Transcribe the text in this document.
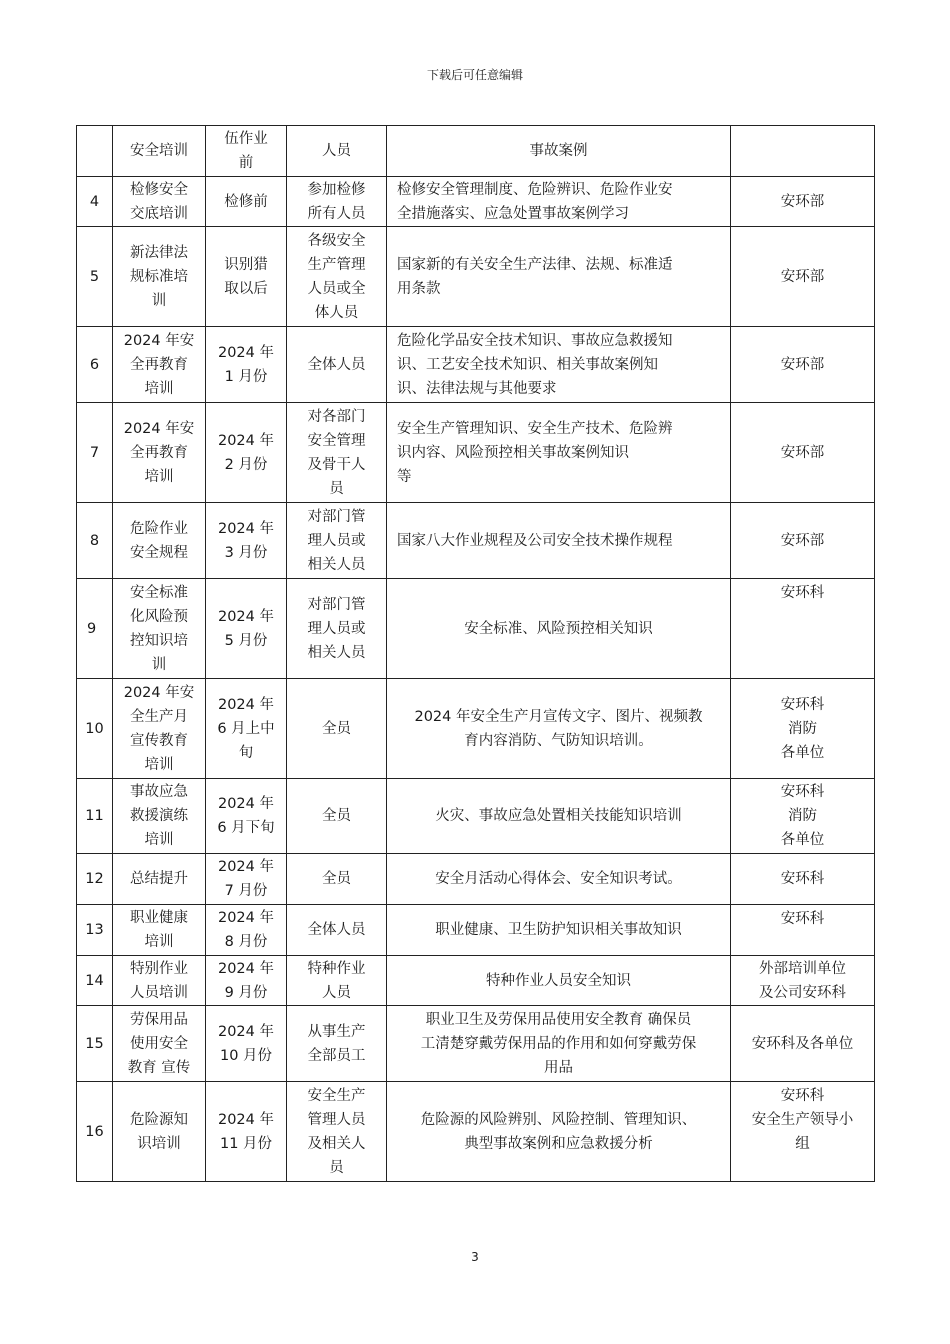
下载后可任意编辑
	安全培训	伍作业
前	人员	事故案例	
4	检修安全
交底培训	检修前	参加检修
所有人员	检修安全管理制度、危险辨识、危险作业安
全措施落实、应急处置事故案例学习	安环部
5	新法律法
规标准培
训	识别猎
取以后	各级安全
生产管理
人员或全
体人员	国家新的有关安全生产法律、法规、标准适
用条款	安环部
6	2024 年安
全再教育
培训	2024 年
1 月份	全体人员	危险化学品安全技术知识、事故应急救援知
识、工艺安全技术知识、相关事故案例知
识、法律法规与其他要求	安环部
7	2024 年安
全再教育
培训	2024 年
2 月份	对各部门
安全管理
及骨干人
员	安全生产管理知识、安全生产技术、危险辨
识内容、风险预控相关事故案例知识
等	安环部
8	危险作业
安全规程	2024 年
3 月份	对部门管
理人员或
相关人员	国家八大作业规程及公司安全技术操作规程	安环部
9	安全标准
化风险预
控知识培
训	2024 年
5 月份	对部门管
理人员或
相关人员	安全标准、风险预控相关知识	安环科
10	2024 年安
全生产月
宣传教育
培训	2024 年
6 月上中
旬	全员	2024 年安全生产月宣传文字、图片、视频教
育内容消防、气防知识培训。	安环科
消防
各单位
11	事故应急
救援演练
培训	2024 年
6 月下旬	全员	火灾、事故应急处置相关技能知识培训	安环科
消防
各单位
12	总结提升	2024 年
7 月份	全员	安全月活动心得体会、安全知识考试。	安环科
13	职业健康
培训	2024 年
8 月份	全体人员	职业健康、卫生防护知识相关事故知识	安环科
14	特别作业
人员培训	2024 年
9 月份	特种作业
人员	特种作业人员安全知识	外部培训单位
及公司安环科
15	劳保用品
使用安全
教育 宣传	2024 年
10 月份	从事生产
全部员工	职业卫生及劳保用品使用安全教育 确保员
工清楚穿戴劳保用品的作用和如何穿戴劳保
用品	安环科及各单位
16	危险源知
识培训	2024 年
11 月份	安全生产
管理人员
及相关人
员	危险源的风险辨别、风险控制、管理知识、
典型事故案例和应急救援分析	安环科
安全生产领导小
组
3
